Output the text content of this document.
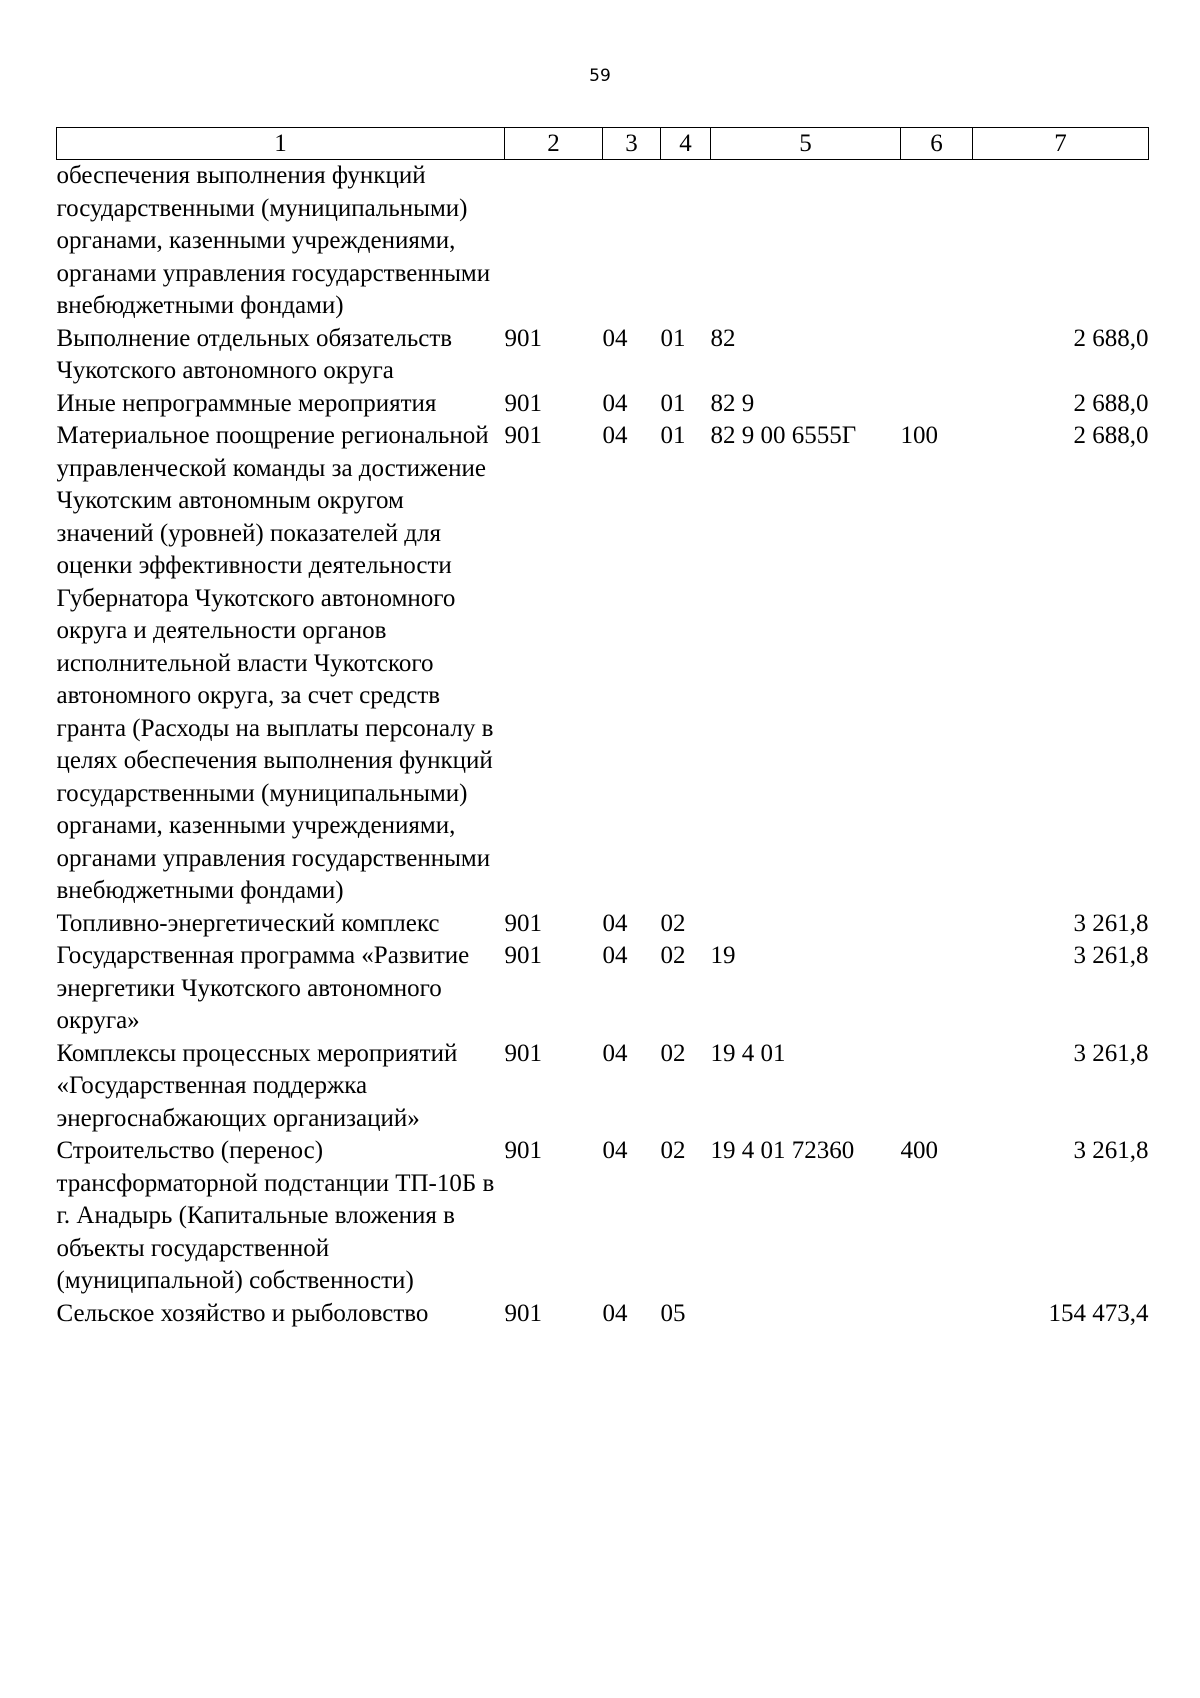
59
1	2	3	4	5	6	7
обеспечения выполнения функций государственными (муниципальными) органами, казенными учреждениями, органами управления государственными внебюджетными фондами)						
Выполнение отдельных обязательств Чукотского автономного округа	901	04	01	82		2 688,0
Иные непрограммные мероприятия	901	04	01	82 9		2 688,0
Материальное поощрение региональной управленческой команды за достижение Чукотским автономным округом значений (уровней) показателей для оценки эффективности деятельности Губернатора Чукотского автономного округа и деятельности органов исполнительной власти Чукотского автономного округа, за счет средств гранта (Расходы на выплаты персоналу в целях обеспечения выполнения функций государственными (муниципальными) органами, казенными учреждениями, органами управления государственными внебюджетными фондами)	901	04	01	82 9 00 6555Г	100	2 688,0
Топливно-энергетический комплекс	901	04	02			3 261,8
Государственная программа «Развитие энергетики Чукотского автономного округа»	901	04	02	19		3 261,8
Комплексы процессных мероприятий «Государственная поддержка энергоснабжающих организаций»	901	04	02	19 4 01		3 261,8
Строительство (перенос) трансформаторной подстанции ТП-10Б в г. Анадырь (Капитальные вложения в объекты государственной (муниципальной) собственности)	901	04	02	19 4 01 72360	400	3 261,8
Сельское хозяйство и рыболовство	901	04	05			154 473,4
